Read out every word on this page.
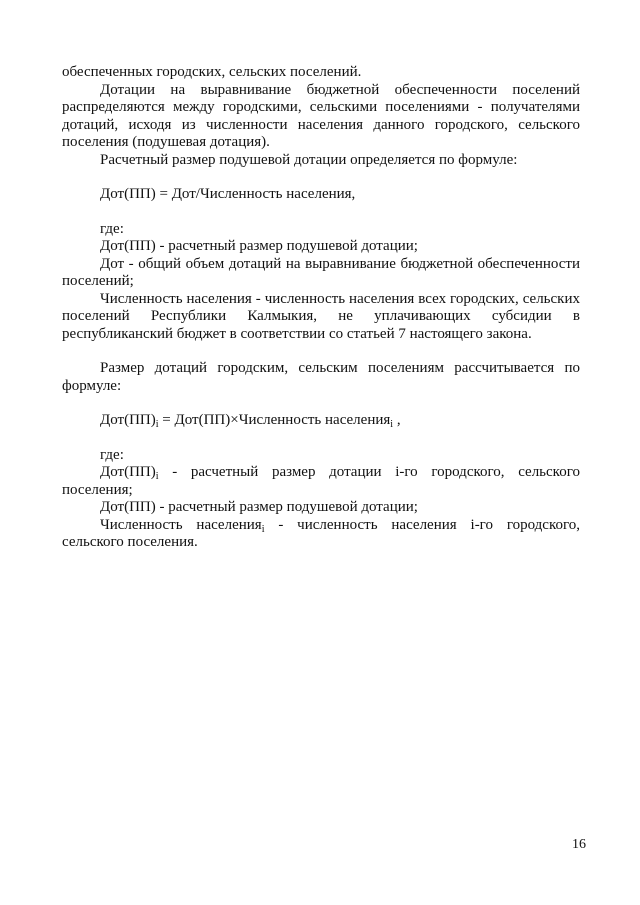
обеспеченных городских, сельских поселений.

Дотации на выравнивание бюджетной обеспеченности поселений распределяются между городскими, сельскими поселениями - получателями дотаций, исходя из численности населения данного городского, сельского поселения (подушевая дотация).

Расчетный размер подушевой дотации определяется по формуле:

Дот(ПП) = Дот/Численность населения,

где:

Дот(ПП) - расчетный размер подушевой дотации;

Дот - общий объем дотаций на выравнивание бюджетной обеспеченности поселений;

Численность населения - численность населения всех городских, сельских поселений Республики Калмыкия, не уплачивающих субсидии в республиканский бюджет в соответствии со статьей 7 настоящего закона.

Размер дотаций городским, сельским поселениям рассчитывается по формуле:

$Дот(ПП)_i$ = Дот(ПП)×Численность населения$_i$ ,

где:

$Дот(ПП)_i$ - расчетный размер дотации i-го городского, сельского поселения;

Дот(ПП) - расчетный размер подушевой дотации;

Численность населения$_i$ - численность населения i-го городского, сельского поселения.

16
